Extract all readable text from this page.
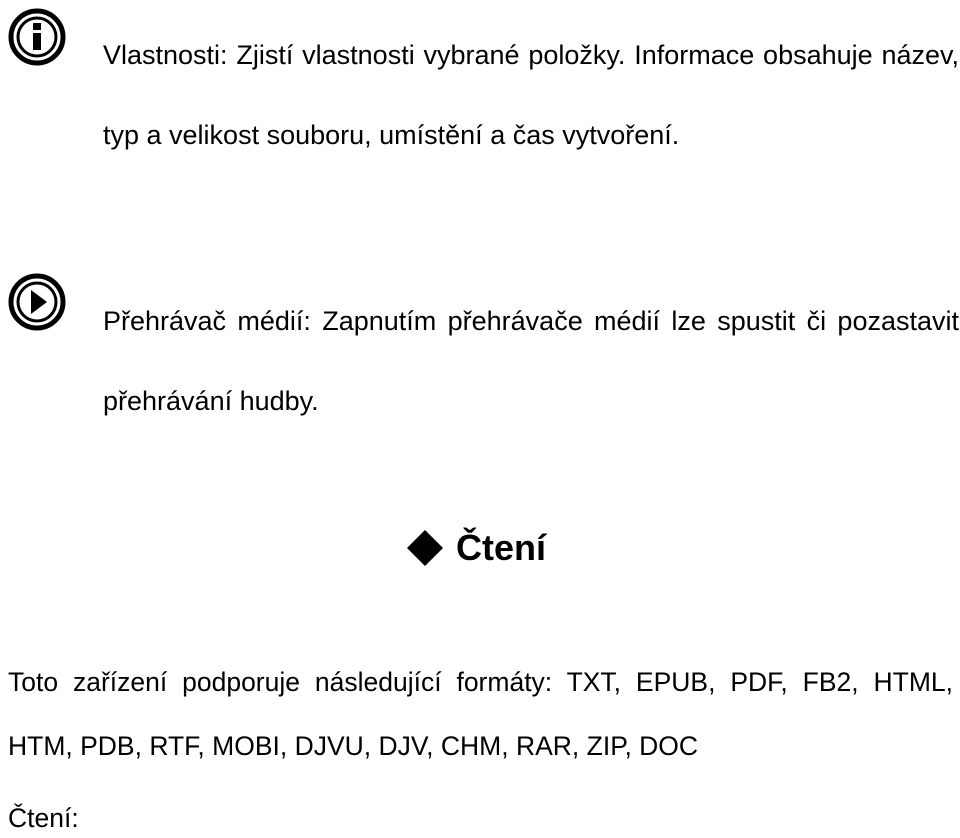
Vlastnosti: Zjistí vlastnosti vybrané položky. Informace obsahuje název, typ a velikost souboru, umístění a čas vytvoření.

Přehrávač médií: Zapnutím přehrávače médií lze spustit či pozastavit přehrávání hudby.

Čtení

Toto zařízení podporuje následující formáty: TXT, EPUB, PDF, FB2, HTML, HTM, PDB, RTF, MOBI, DJVU, DJV, CHM, RAR, ZIP, DOC

Čtení:
